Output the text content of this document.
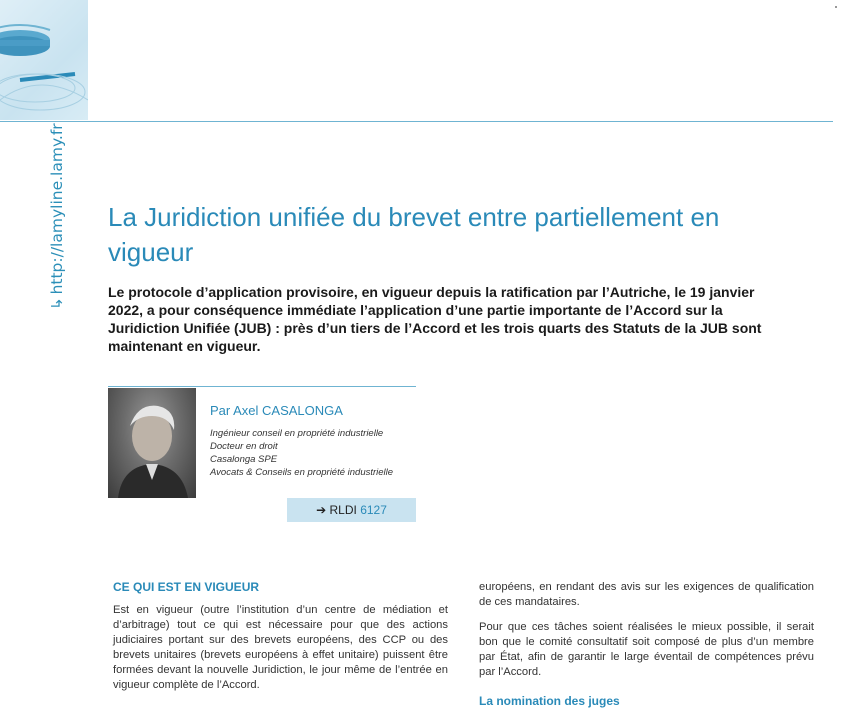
↳http://lamyline.lamy.fr La Juridiction unifiée du brevet entre partiellement en vigueur

Le protocole d’application provisoire, en vigueur depuis la ratification par l’Autriche, le 19 janvier 2022, a pour conséquence immédiate l’application d’une partie importante de l’Accord sur la Juridiction Unifiée (JUB) : près d’un tiers de l’Accord et les trois quarts des Statuts de la JUB sont maintenant en vigueur.

Par Axel CASALONGA

Ingénieur conseil en propriété industrielle
Docteur en droit
Casalonga SPE
Avocats & Conseils en propriété industrielle
➔ RLDI 6127
CE QUI EST EN VIGUEUR

Est en vigueur (outre l’institution d’un centre de médiation et d’arbitrage) tout ce qui est nécessaire pour que des actions judiciaires portant sur des brevets européens, des CCP ou des brevets unitaires (brevets européens à effet unitaire) puissent être formées devant la nouvelle Juridiction, le jour même de l’entrée en vigueur complète de l’Accord.

européens, en rendant des avis sur les exigences de qualification de ces mandataires.

Pour que ces tâches soient réalisées le mieux possible, il serait bon que le comité consultatif soit composé de plus d’un membre par État, afin de garantir le large éventail de compétences prévu par l’Accord.

La nomination des juges
